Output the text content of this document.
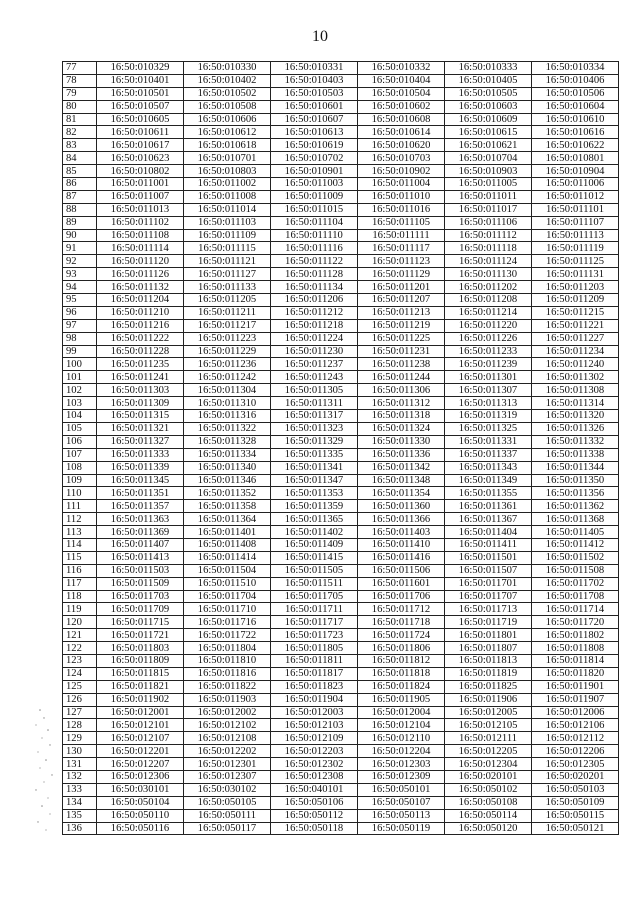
10
77	16:50:010329	16:50:010330	16:50:010331	16:50:010332	16:50:010333	16:50:010334
78	16:50:010401	16:50:010402	16:50:010403	16:50:010404	16:50:010405	16:50:010406
79	16:50:010501	16:50:010502	16:50:010503	16:50:010504	16:50:010505	16:50:010506
80	16:50:010507	16:50:010508	16:50:010601	16:50:010602	16:50:010603	16:50:010604
81	16:50:010605	16:50:010606	16:50:010607	16:50:010608	16:50:010609	16:50:010610
82	16:50:010611	16:50:010612	16:50:010613	16:50:010614	16:50:010615	16:50:010616
83	16:50:010617	16:50:010618	16:50:010619	16:50:010620	16:50:010621	16:50:010622
84	16:50:010623	16:50:010701	16:50:010702	16:50:010703	16:50:010704	16:50:010801
85	16:50:010802	16:50:010803	16:50:010901	16:50:010902	16:50:010903	16:50:010904
86	16:50:011001	16:50:011002	16:50:011003	16:50:011004	16:50:011005	16:50:011006
87	16:50:011007	16:50:011008	16:50:011009	16:50:011010	16:50:011011	16:50:011012
88	16:50:011013	16:50:011014	16:50:011015	16:50:011016	16:50:011017	16:50:011101
89	16:50:011102	16:50:011103	16:50:011104	16:50:011105	16:50:011106	16:50:011107
90	16:50:011108	16:50:011109	16:50:011110	16:50:011111	16:50:011112	16:50:011113
91	16:50:011114	16:50:011115	16:50:011116	16:50:011117	16:50:011118	16:50:011119
92	16:50:011120	16:50:011121	16:50:011122	16:50:011123	16:50:011124	16:50:011125
93	16:50:011126	16:50:011127	16:50:011128	16:50:011129	16:50:011130	16:50:011131
94	16:50:011132	16:50:011133	16:50:011134	16:50:011201	16:50:011202	16:50:011203
95	16:50:011204	16:50:011205	16:50:011206	16:50:011207	16:50:011208	16:50:011209
96	16:50:011210	16:50:011211	16:50:011212	16:50:011213	16:50:011214	16:50:011215
97	16:50:011216	16:50:011217	16:50:011218	16:50:011219	16:50:011220	16:50:011221
98	16:50:011222	16:50:011223	16:50:011224	16:50:011225	16:50:011226	16:50:011227
99	16:50:011228	16:50:011229	16:50:011230	16:50:011231	16:50:011233	16:50:011234
100	16:50:011235	16:50:011236	16:50:011237	16:50:011238	16:50:011239	16:50:011240
101	16:50:011241	16:50:011242	16:50:011243	16:50:011244	16:50:011301	16:50:011302
102	16:50:011303	16:50:011304	16:50:011305	16:50:011306	16:50:011307	16:50:011308
103	16:50:011309	16:50:011310	16:50:011311	16:50:011312	16:50:011313	16:50:011314
104	16:50:011315	16:50:011316	16:50:011317	16:50:011318	16:50:011319	16:50:011320
105	16:50:011321	16:50:011322	16:50:011323	16:50:011324	16:50:011325	16:50:011326
106	16:50:011327	16:50:011328	16:50:011329	16:50:011330	16:50:011331	16:50:011332
107	16:50:011333	16:50:011334	16:50:011335	16:50:011336	16:50:011337	16:50:011338
108	16:50:011339	16:50:011340	16:50:011341	16:50:011342	16:50:011343	16:50:011344
109	16:50:011345	16:50:011346	16:50:011347	16:50:011348	16:50:011349	16:50:011350
110	16:50:011351	16:50:011352	16:50:011353	16:50:011354	16:50:011355	16:50:011356
111	16:50:011357	16:50:011358	16:50:011359	16:50:011360	16:50:011361	16:50:011362
112	16:50:011363	16:50:011364	16:50:011365	16:50:011366	16:50:011367	16:50:011368
113	16:50:011369	16:50:011401	16:50:011402	16:50:011403	16:50:011404	16:50:011405
114	16:50:011407	16:50:011408	16:50:011409	16:50:011410	16:50:011411	16:50:011412
115	16:50:011413	16:50:011414	16:50:011415	16:50:011416	16:50:011501	16:50:011502
116	16:50:011503	16:50:011504	16:50:011505	16:50:011506	16:50:011507	16:50:011508
117	16:50:011509	16:50:011510	16:50:011511	16:50:011601	16:50:011701	16:50:011702
118	16:50:011703	16:50:011704	16:50:011705	16:50:011706	16:50:011707	16:50:011708
119	16:50:011709	16:50:011710	16:50:011711	16:50:011712	16:50:011713	16:50:011714
120	16:50:011715	16:50:011716	16:50:011717	16:50:011718	16:50:011719	16:50:011720
121	16:50:011721	16:50:011722	16:50:011723	16:50:011724	16:50:011801	16:50:011802
122	16:50:011803	16:50:011804	16:50:011805	16:50:011806	16:50:011807	16:50:011808
123	16:50:011809	16:50:011810	16:50:011811	16:50:011812	16:50:011813	16:50:011814
124	16:50:011815	16:50:011816	16:50:011817	16:50:011818	16:50:011819	16:50:011820
125	16:50:011821	16:50:011822	16:50:011823	16:50:011824	16:50:011825	16:50:011901
126	16:50:011902	16:50:011903	16:50:011904	16:50:011905	16:50:011906	16:50:011907
127	16:50:012001	16:50:012002	16:50:012003	16:50:012004	16:50:012005	16:50:012006
128	16:50:012101	16:50:012102	16:50:012103	16:50:012104	16:50:012105	16:50:012106
129	16:50:012107	16:50:012108	16:50:012109	16:50:012110	16:50:012111	16:50:012112
130	16:50:012201	16:50:012202	16:50:012203	16:50:012204	16:50:012205	16:50:012206
131	16:50:012207	16:50:012301	16:50:012302	16:50:012303	16:50:012304	16:50:012305
132	16:50:012306	16:50:012307	16:50:012308	16:50:012309	16:50:020101	16:50:020201
133	16:50:030101	16:50:030102	16:50:040101	16:50:050101	16:50:050102	16:50:050103
134	16:50:050104	16:50:050105	16:50:050106	16:50:050107	16:50:050108	16:50:050109
135	16:50:050110	16:50:050111	16:50:050112	16:50:050113	16:50:050114	16:50:050115
136	16:50:050116	16:50:050117	16:50:050118	16:50:050119	16:50:050120	16:50:050121
